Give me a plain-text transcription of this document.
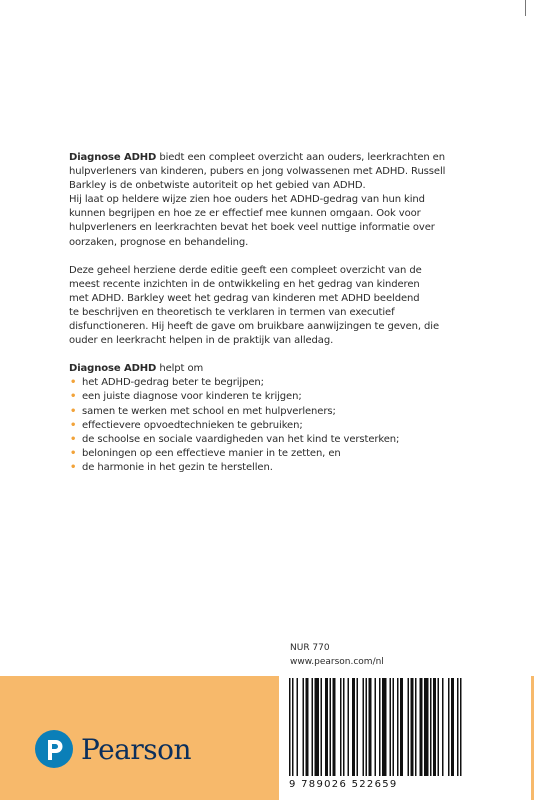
Diagnose ADHD biedt een compleet overzicht aan ouders, leerkrachten en
hulpverleners van kinderen, pubers en jong volwassenen met ADHD. Russell
Barkley is de onbetwiste autoriteit op het gebied van ADHD.
Hij laat op heldere wijze zien hoe ouders het ADHD-gedrag van hun kind
kunnen begrijpen en hoe ze er effectief mee kunnen omgaan. Ook voor
hulpverleners en leerkrachten bevat het boek veel nuttige informatie over
oorzaken, prognose en behandeling.

Deze geheel herziene derde editie geeft een compleet overzicht van de
meest recente inzichten in de ontwikkeling en het gedrag van kinderen
met ADHD. Barkley weet het gedrag van kinderen met ADHD beeldend
te beschrijven en theoretisch te verklaren in termen van executief
disfunctioneren. Hij heeft de gave om bruikbare aanwijzingen te geven, die
ouder en leerkracht helpen in de praktijk van alledag.

Diagnose ADHD helpt om
• het ADHD-gedrag beter te begrijpen;
• een juiste diagnose voor kinderen te krijgen;
• samen te werken met school en met hulpverleners;
• effectievere opvoedtechnieken te gebruiken;
• de schoolse en sociale vaardigheden van het kind te versterken;
• beloningen op een effectieve manier in te zetten, en
• de harmonie in het gezin te herstellen.
NUR 770
www.pearson.com/nl
Pearson
9 789026 522659
